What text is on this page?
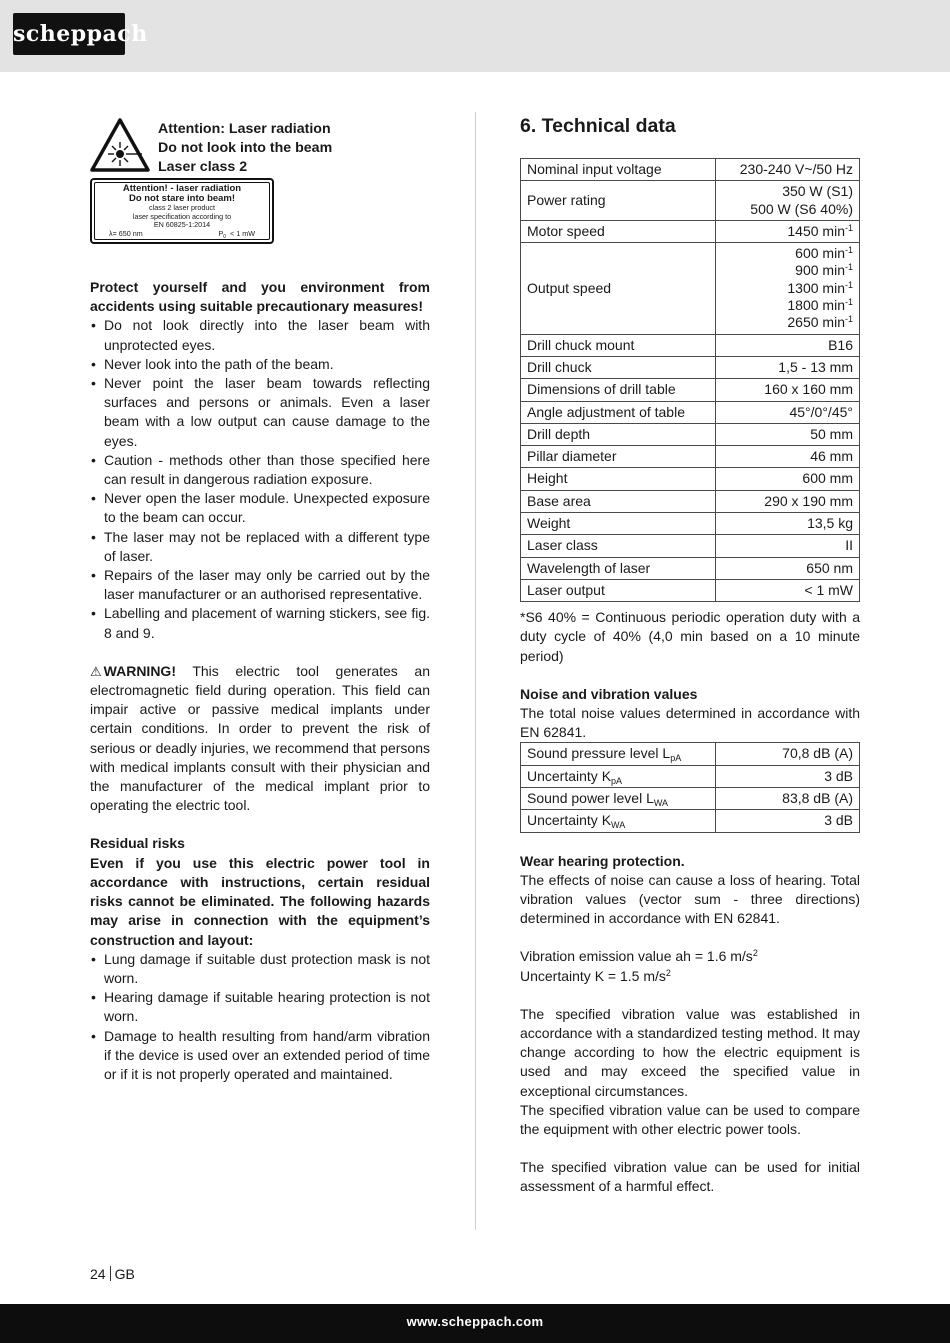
scheppach
Attention: Laser radiation
Do not look into the beam
Laser class 2
Attention! - laser radiation
Do not stare into beam!
class 2 laser product
laser specification according to
EN 60825-1:2014
λ= 650 nm	$P_0 < 1$ mW

Protect yourself and you environment from accidents using suitable precautionary measures!

• Do not look directly into the laser beam with unprotected eyes.
• Never look into the path of the beam.
• Never point the laser beam towards reflecting surfaces and persons or animals. Even a laser beam with a low output can cause damage to the eyes.
• Caution - methods other than those specified here can result in dangerous radiation exposure.
• Never open the laser module. Unexpected exposure to the beam can occur.
• The laser may not be replaced with a different type of laser.
• Repairs of the laser may only be carried out by the laser manufacturer or an authorised representative.
• Labelling and placement of warning stickers, see fig. 8 and 9.

⚠ WARNING! This electric tool generates an electromagnetic field during operation. This field can impair active or passive medical implants under certain conditions. In order to prevent the risk of serious or deadly injuries, we recommend that persons with medical implants consult with their physician and the manufacturer of the medical implant prior to operating the electric tool.

Residual risks

Even if you use this electric power tool in accordance with instructions, certain residual risks cannot be eliminated. The following hazards may arise in connection with the equipment’s construction and layout:

• Lung damage if suitable dust protection mask is not worn.
• Hearing damage if suitable hearing protection is not worn.
• Damage to health resulting from hand/arm vibration if the device is used over an extended period of time or if it is not properly operated and maintained.
6. Technical data
Nominal input voltage	230-240 V~/50 Hz
Power rating	350 W (S1)
500 W (S6 40%)

Motor speed	1450 $\min^{-1}$
Output speed	600 $\min^{-1}$
900 $\min^{-1}$
1300 $\min^{-1}$
1800 $\min^{-1}$
2650 $\min^{-1}$

Drill chuck mount	B16
Drill chuck	1,5 - 13 mm
Dimensions of drill table	160 x 160 mm
Angle adjustment of table	45°/0°/45°
Drill depth	50 mm
Pillar diameter	46 mm
Height	600 mm
Base area	290 x 190 mm
Weight	13,5 kg
Laser class	II
Wavelength of laser	650 nm
Laser output	< 1 mW

*S6 40% = Continuous periodic operation duty with a duty cycle of 40% (4,0 min based on a 10 minute period)

Noise and vibration values

The total noise values determined in accordance with EN 62841.

Sound pressure level $L_{pA}$	70,8 dB (A)
Uncertainty $K_{pA}$	3 dB
Sound power level $L_{WA}$	83,8 dB (A)
Uncertainty $K_{WA}$	3 dB

Wear hearing protection.

The effects of noise can cause a loss of hearing. Total vibration values (vector sum - three directions) determined in accordance with EN 62841.

Vibration emission value ah = 1.6 $m/s^2$

Uncertainty K = 1.5 $m/s^2$

The specified vibration value was established in accordance with a standardized testing method. It may change according to how the electric equipment is used and may exceed the specified value in exceptional circumstances.

The specified vibration value can be used to compare the equipment with other electric power tools.

The specified vibration value can be used for initial assessment of a harmful effect.

24 GB
www.scheppach.com
